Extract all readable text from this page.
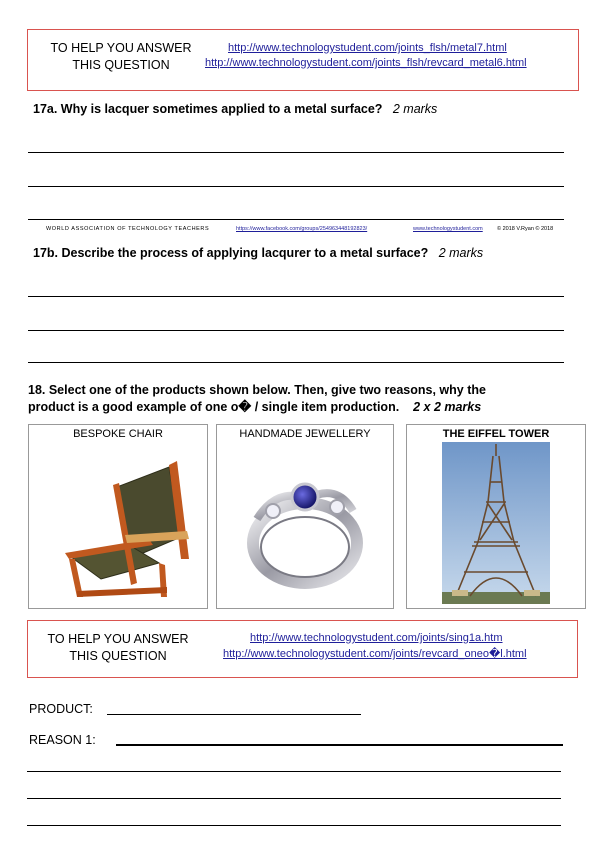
TO HELP YOU ANSWER
THIS QUESTION
http://www.technologystudent.com/joints_flsh/metal7.html
http://www.technologystudent.com/joints_flsh/revcard_metal6.html
17a. Why is lacquer sometimes applied to a metal surface? 2 marks
WORLD ASSOCIATION OF TECHNOLOGY TEACHERS	https://www.facebook.com/groups/254963448192823/	www.technologystudent.com	© 2018 V.Ryan © 2018
17b. Describe the process of applying lacqurer to a metal surface? 2 marks
18. Select one of the products shown below. Then, give two reasons, why the
product is a good example of one o� / single item production. 2 x 2 marks
BESPOKE CHAIR	HANDMADE JEWELLERY	THE EIFFEL TOWER
TO HELP YOU ANSWER
THIS QUESTION
http://www.technologystudent.com/joints/sing1a.htm
http://www.technologystudent.com/joints/revcard_oneo�l.html
PRODUCT:
REASON 1:
